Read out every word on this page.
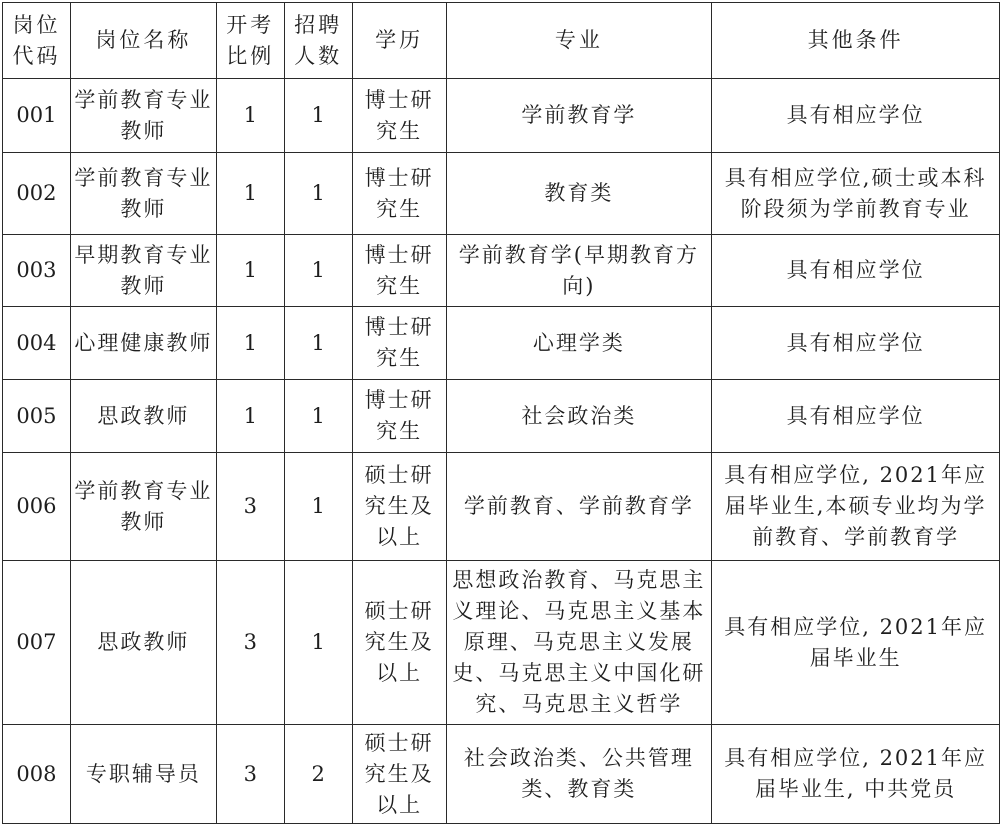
岗位代码	岗位名称	开考比例	招聘人数	学历	专业	其他条件
001	学前教育专业教师	1	1	博士研究生	学前教育学	具有相应学位
002	学前教育专业教师	1	1	博士研究生	教育类	具有相应学位,硕士或本科阶段须为学前教育专业
003	早期教育专业教师	1	1	博士研究生	学前教育学(早期教育方向)	具有相应学位
004	心理健康教师	1	1	博士研究生	心理学类	具有相应学位
005	思政教师	1	1	博士研究生	社会政治类	具有相应学位
006	学前教育专业教师	3	1	硕士研究生及以上	学前教育、学前教育学	具有相应学位, 2021年应届毕业生,本硕专业均为学前教育、学前教育学
007	思政教师	3	1	硕士研究生及以上	思想政治教育、马克思主义理论、马克思主义基本原理、马克思主义发展史、马克思主义中国化研究、马克思主义哲学	具有相应学位, 2021年应届毕业生
008	专职辅导员	3	2	硕士研究生及以上	社会政治类、公共管理类、教育类	具有相应学位, 2021年应届毕业生, 中共党员
